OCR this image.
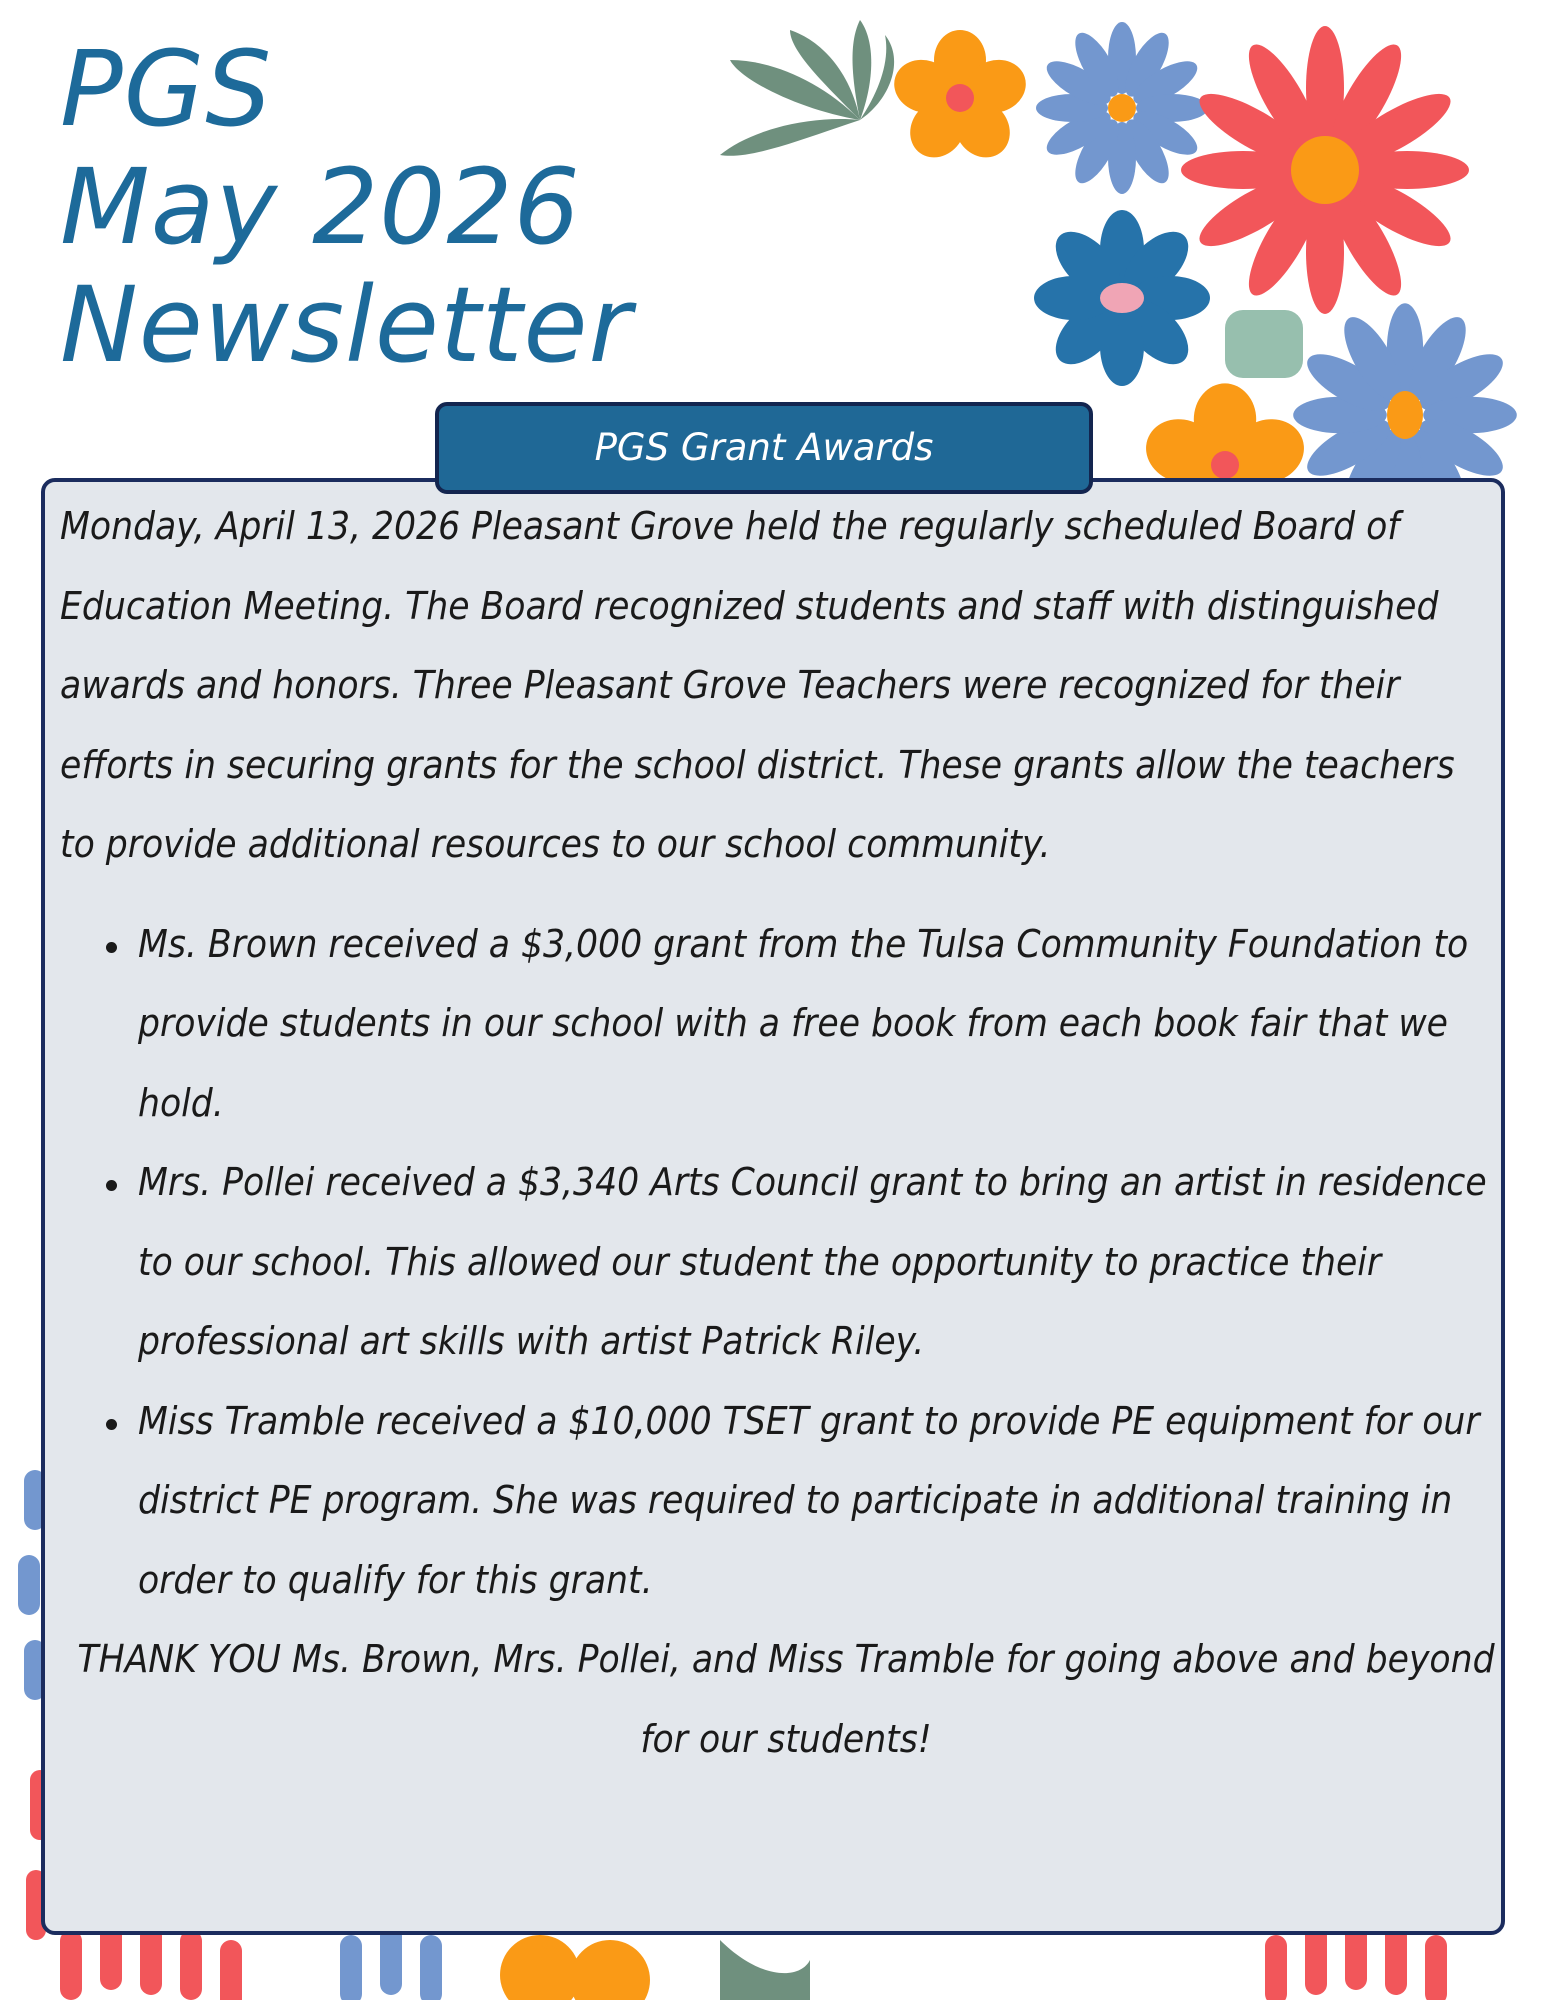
PGS
May 2026
Newsletter
PGS Grant Awards

Monday, April 13, 2026 Pleasant Grove held the regularly scheduled Board of Education Meeting. The Board recognized students and staff with distinguished awards and honors. Three Pleasant Grove Teachers were recognized for their efforts in securing grants for the school district. These grants allow the teachers to provide additional resources to our school community.

Ms. Brown received a $3,000 grant from the Tulsa Community Foundation to provide students in our school with a free book from each book fair that we hold.
Mrs. Pollei received a $3,340 Arts Council grant to bring an artist in residence to our school. This allowed our student the opportunity to practice their professional art skills with artist Patrick Riley.
Miss Tramble received a $10,000 TSET grant to provide PE equipment for our district PE program. She was required to participate in additional training in order to qualify for this grant.

THANK YOU Ms. Brown, Mrs. Pollei, and Miss Tramble for going above and beyond for our students!
